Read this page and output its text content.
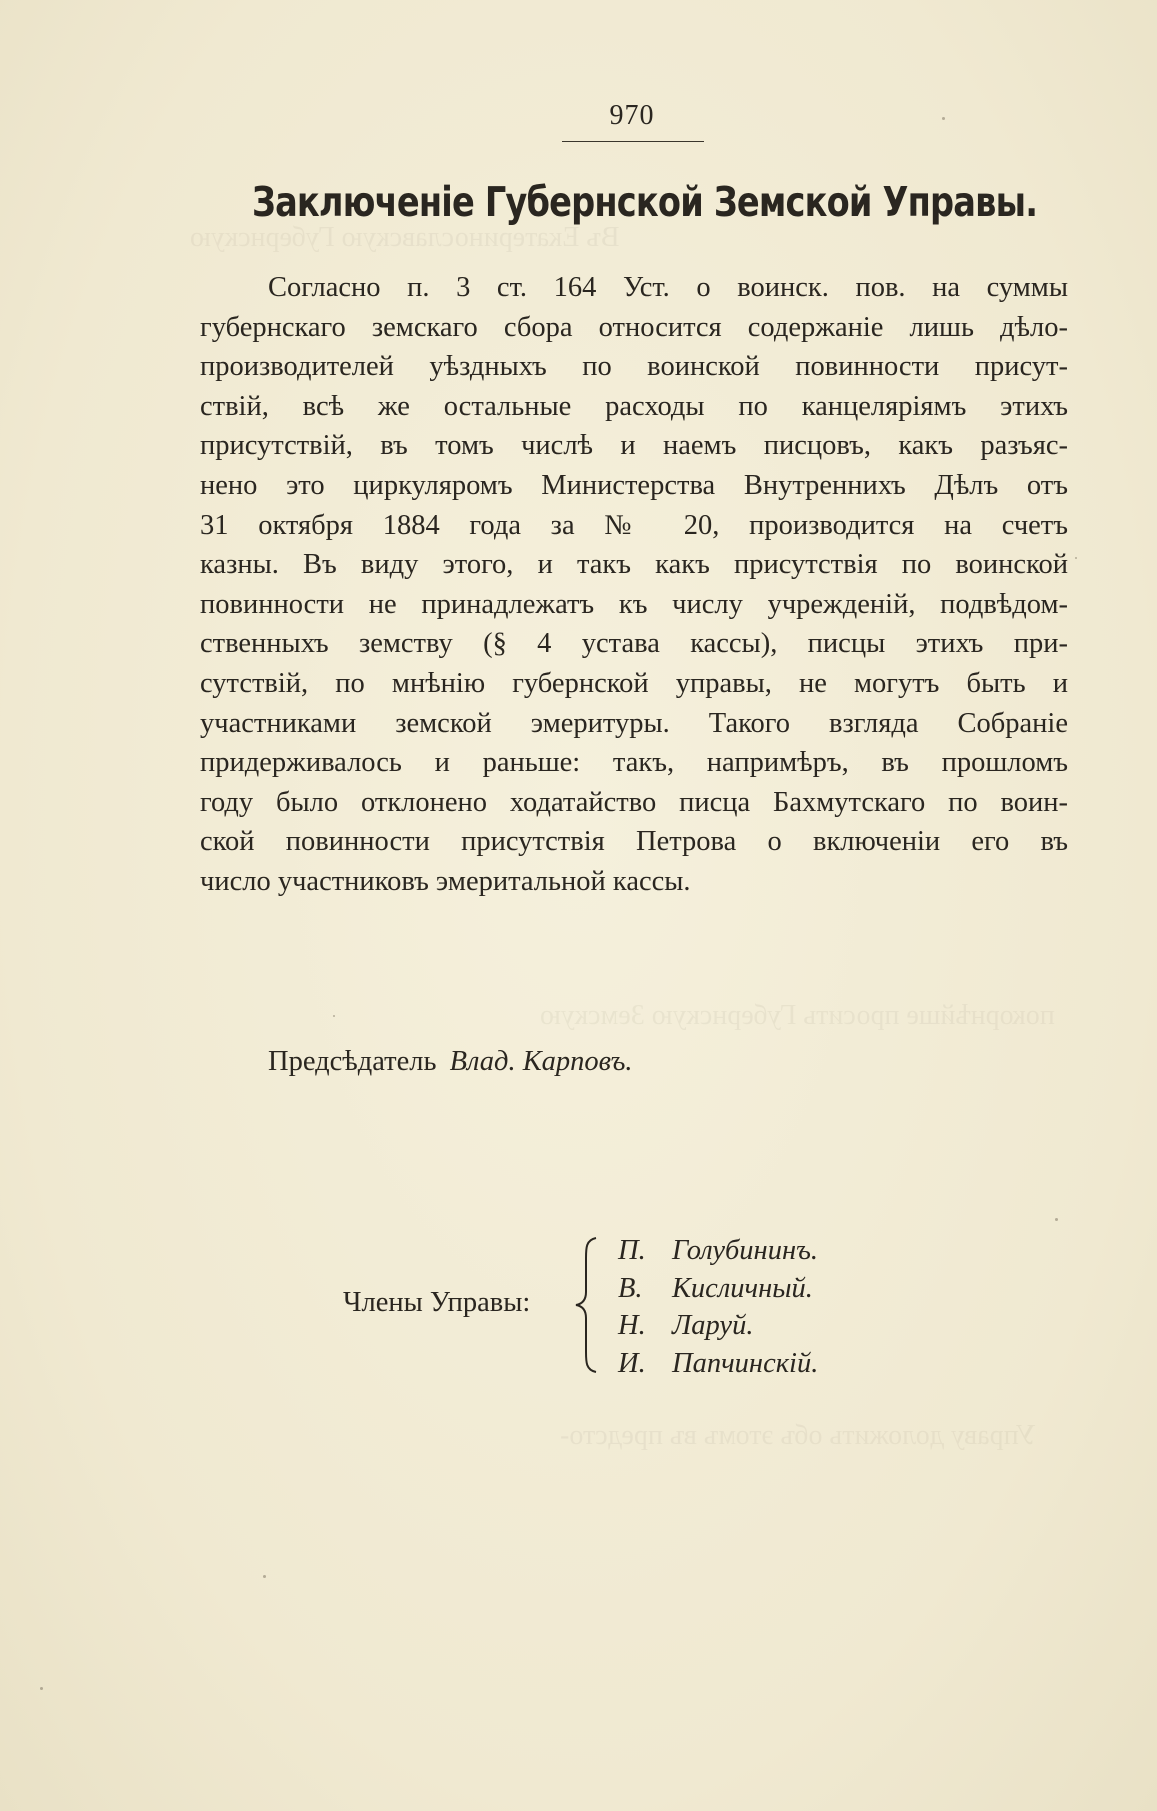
Въ Екатеринославскую Губернскую
покорнѣйше просить Губернскую Земскую
Управу доложить объ этомъ въ предсто-
970
Заключеніе Губернской Земской Управы.
Согласно п. 3 ст. 164 Уст. о воинск. пов. на суммы
губернскаго земскаго сбора относится содержаніе лишь дѣло-
производителей уѣздныхъ по воинской повинности присут-
ствій, всѣ же остальные расходы по канцеляріямъ этихъ
присутствій, въ томъ числѣ и наемъ писцовъ, какъ разъяс-
нено это циркуляромъ Министерства Внутреннихъ Дѣлъ отъ
31 октября 1884 года за № 20, производится на счетъ
казны. Въ виду этого, и такъ какъ присутствія по воинской
повинности не принадлежатъ къ числу учрежденій, подвѣдом-
ственныхъ земству (§ 4 устава кассы), писцы этихъ при-
сутствій, по мнѣнію губернской управы, не могутъ быть и
участниками земской эмеритуры. Такого взгляда Собраніе
придерживалось и раньше: такъ, напримѣръ, въ прошломъ
году было отклонено ходатайство писца Бахмутскаго по воин-
ской повинности присутствія Петрова о включеніи его въ
число участниковъ эмеритальной кассы.
Предсѣдатель Влад. Карповъ.
Члены Управы:
П. Голубининъ.
В. Кисличный.
Н. Ларуй.
И. Папчинскій.
